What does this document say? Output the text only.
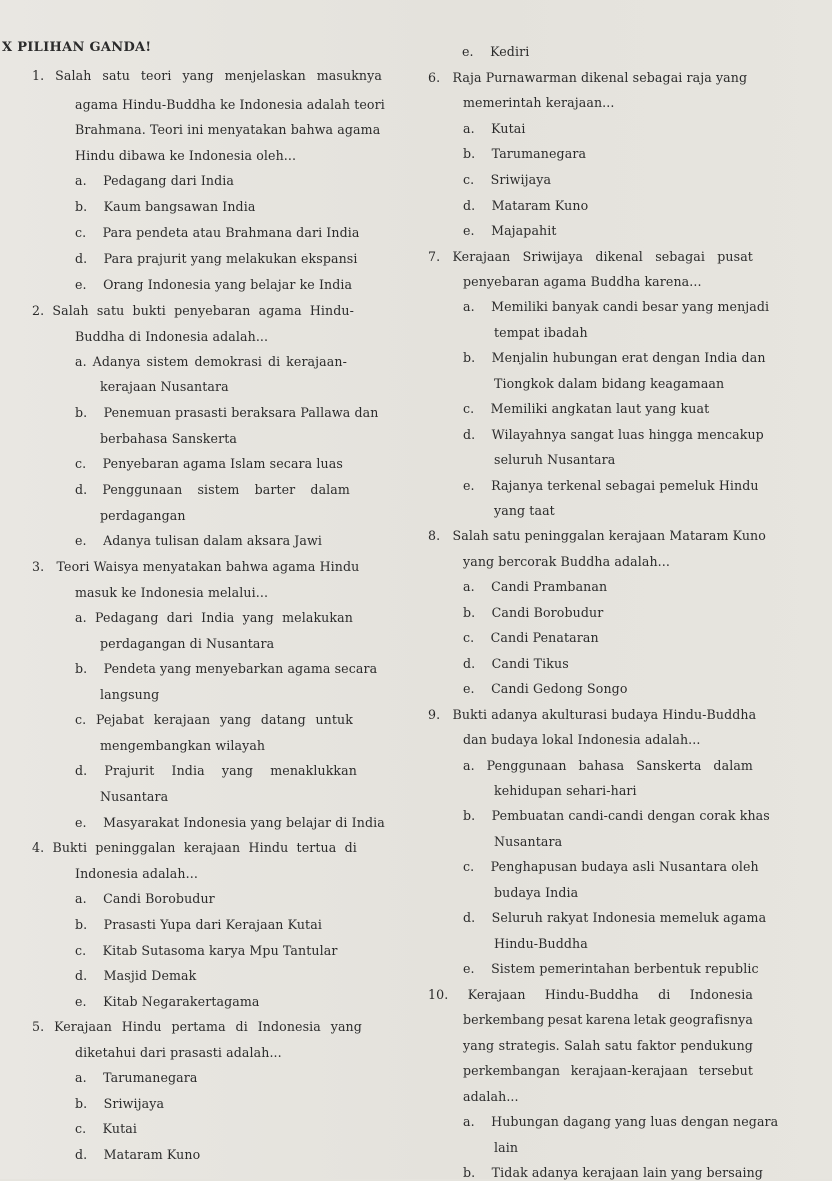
X PILIHAN GANDA!
1. Salah satu teori yang menjelaskan masuknya
agama Hindu-Buddha ke Indonesia adalah teori
Brahmana. Teori ini menyatakan bahwa agama
Hindu dibawa ke Indonesia oleh...
a.    Pedagang dari India
b.    Kaum bangsawan India
c.    Para pendeta atau Brahmana dari India
d.    Para prajurit yang melakukan ekspansi
e.    Orang Indonesia yang belajar ke India
2. Salah satu bukti penyebaran agama Hindu-
Buddha di Indonesia adalah...
a. Adanya sistem demokrasi di kerajaan-
kerajaan Nusantara
b.    Penemuan prasasti beraksara Pallawa dan
berbahasa Sanskerta
c.    Penyebaran agama Islam secara luas
d. Penggunaan sistem barter dalam
perdagangan
e.    Adanya tulisan dalam aksara Jawi
3.   Teori Waisya menyatakan bahwa agama Hindu
masuk ke Indonesia melalui...
a. Pedagang dari India yang melakukan
perdagangan di Nusantara
b.    Pendeta yang menyebarkan agama secara
langsung
c. Pejabat kerajaan yang datang untuk
mengembangkan wilayah
d. Prajurit India yang menaklukkan
Nusantara
e.    Masyarakat Indonesia yang belajar di India
4. Bukti peninggalan kerajaan Hindu tertua di
Indonesia adalah...
a.    Candi Borobudur
b.    Prasasti Yupa dari Kerajaan Kutai
c.    Kitab Sutasoma karya Mpu Tantular
d.    Masjid Demak
e.    Kitab Negarakertagama
5. Kerajaan Hindu pertama di Indonesia yang
diketahui dari prasasti adalah...
a.    Tarumanegara
b.    Sriwijaya
c.    Kutai
d.    Mataram Kuno
e.    Kediri
6.   Raja Purnawarman dikenal sebagai raja yang
memerintah kerajaan...
a.    Kutai
b.    Tarumanegara
c.    Sriwijaya
d.    Mataram Kuno
e.    Majapahit
7. Kerajaan Sriwijaya dikenal sebagai pusat
penyebaran agama Buddha karena...
a.    Memiliki banyak candi besar yang menjadi
tempat ibadah
b.    Menjalin hubungan erat dengan India dan
Tiongkok dalam bidang keagamaan
c.    Memiliki angkatan laut yang kuat
d.    Wilayahnya sangat luas hingga mencakup
seluruh Nusantara
e.    Rajanya terkenal sebagai pemeluk Hindu
yang taat
8.   Salah satu peninggalan kerajaan Mataram Kuno
yang bercorak Buddha adalah...
a.    Candi Prambanan
b.    Candi Borobudur
c.    Candi Penataran
d.    Candi Tikus
e.    Candi Gedong Songo
9.   Bukti adanya akulturasi budaya Hindu-Buddha
dan budaya lokal Indonesia adalah...
a. Penggunaan bahasa Sanskerta dalam
kehidupan sehari-hari
b.    Pembuatan candi-candi dengan corak khas
Nusantara
c.    Penghapusan budaya asli Nusantara oleh
budaya India
d.    Seluruh rakyat Indonesia memeluk agama
Hindu-Buddha
e.    Sistem pemerintahan berbentuk republic
10. Kerajaan Hindu-Buddha di Indonesia
berkembang pesat karena letak geografisnya
yang strategis. Salah satu faktor pendukung
perkembangan kerajaan-kerajaan tersebut
adalah...
a.    Hubungan dagang yang luas dengan negara
lain
b.    Tidak adanya kerajaan lain yang bersaing
